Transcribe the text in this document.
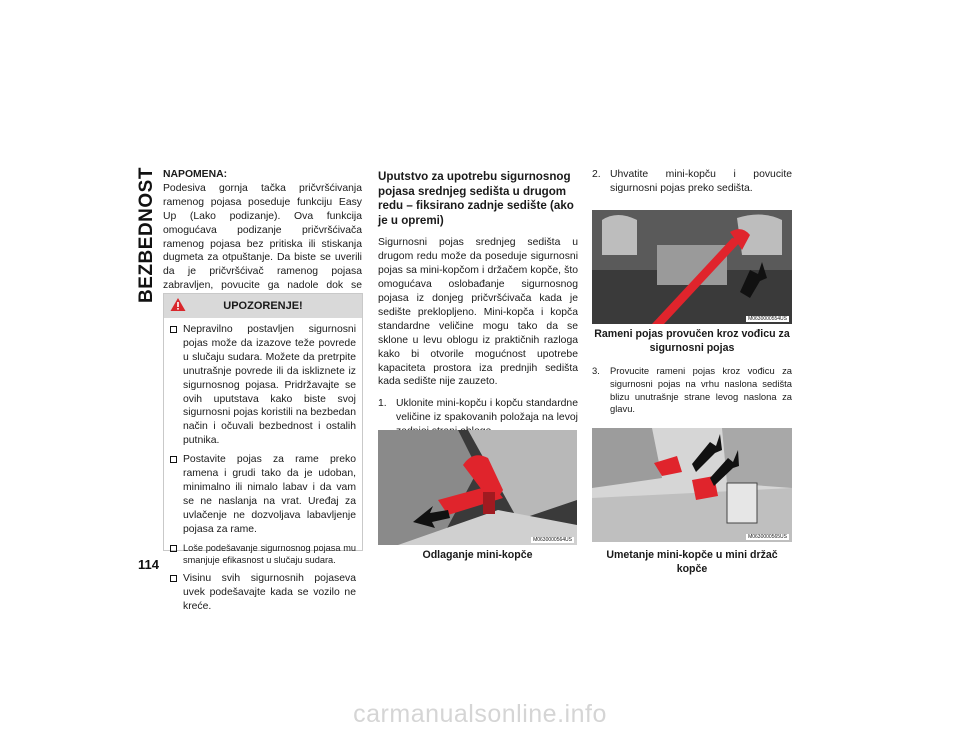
BEZBEDNOST
114

NAPOMENA:

Podesiva gornja tačka pričvršćivanja ramenog pojasa poseduje funkciju Easy Up (Lako podizanje). Ova funkcija omogućava podizanje pričvršćivača ramenog pojasa bez pritiska ili stiskanja dugmeta za otpuštanje. Da biste se uverili da je pričvršćivač ramenog pojasa zabravljen, povucite ga nadole dok se

UPOZORENJE!
Nepravilno postavljen sigurnosni pojas može da izazove teže povrede u slučaju sudara. Možete da pretrpite unutrašnje povrede ili da iskliznete iz sigurnosnog pojasa. Pridržavajte se ovih uputstava kako biste svoj sigurnosni pojas koristili na bezbedan način i očuvali bezbednost i ostalih putnika.
Postavite pojas za rame preko ramena i grudi tako da je udoban, minimalno ili nimalo labav i da vam se ne naslanja na vrat. Uređaj za uvlačenje ne dozvoljava labavljenje pojasa za rame.
Loše podešavanje sigurnosnog pojasa mu smanjuje efikasnost u slučaju sudara.
Visinu svih sigurnosnih pojaseva uvek podešavajte kada se vozilo ne kreće.
Uputstvo za upotrebu sigurnosnog pojasa srednjeg sedišta u drugom redu – fiksirano zadnje sedište (ako je u opremi)

Sigurnosni pojas srednjeg sedišta u drugom redu može da poseduje sigurnosni pojas sa mini-kopčom i držačem kopče, što omogućava oslobađanje sigurnosnog pojasa iz donjeg pričvršćivača kada je sedište preklopljeno. Mini-kopča i kopča standardne veličine mogu tako da se sklone u levu oblogu iz praktičnih razloga kako bi otvorile mogućnost upotrebe kapaciteta prostora iza prednjih sedišta kada sedište nije zauzeto.

1. Uklonite mini-kopču i kopču standardne veličine iz spakovanih položaja na levoj
M0630000564US
Odlaganje mini-kopče
2. Uhvatite mini-kopču i povucite sigurnosni pojas preko sedišta.
M0630000554US
Rameni pojas provučen kroz vođicu za sigurnosni pojas
3. Provucite rameni pojas kroz vođicu za sigurnosni pojas na vrhu naslona sedišta blizu unutrašnje strane levog naslona za glavu.
M0630000565US
Umetanje mini-kopče u mini držač kopče
carmanualsonline.info
